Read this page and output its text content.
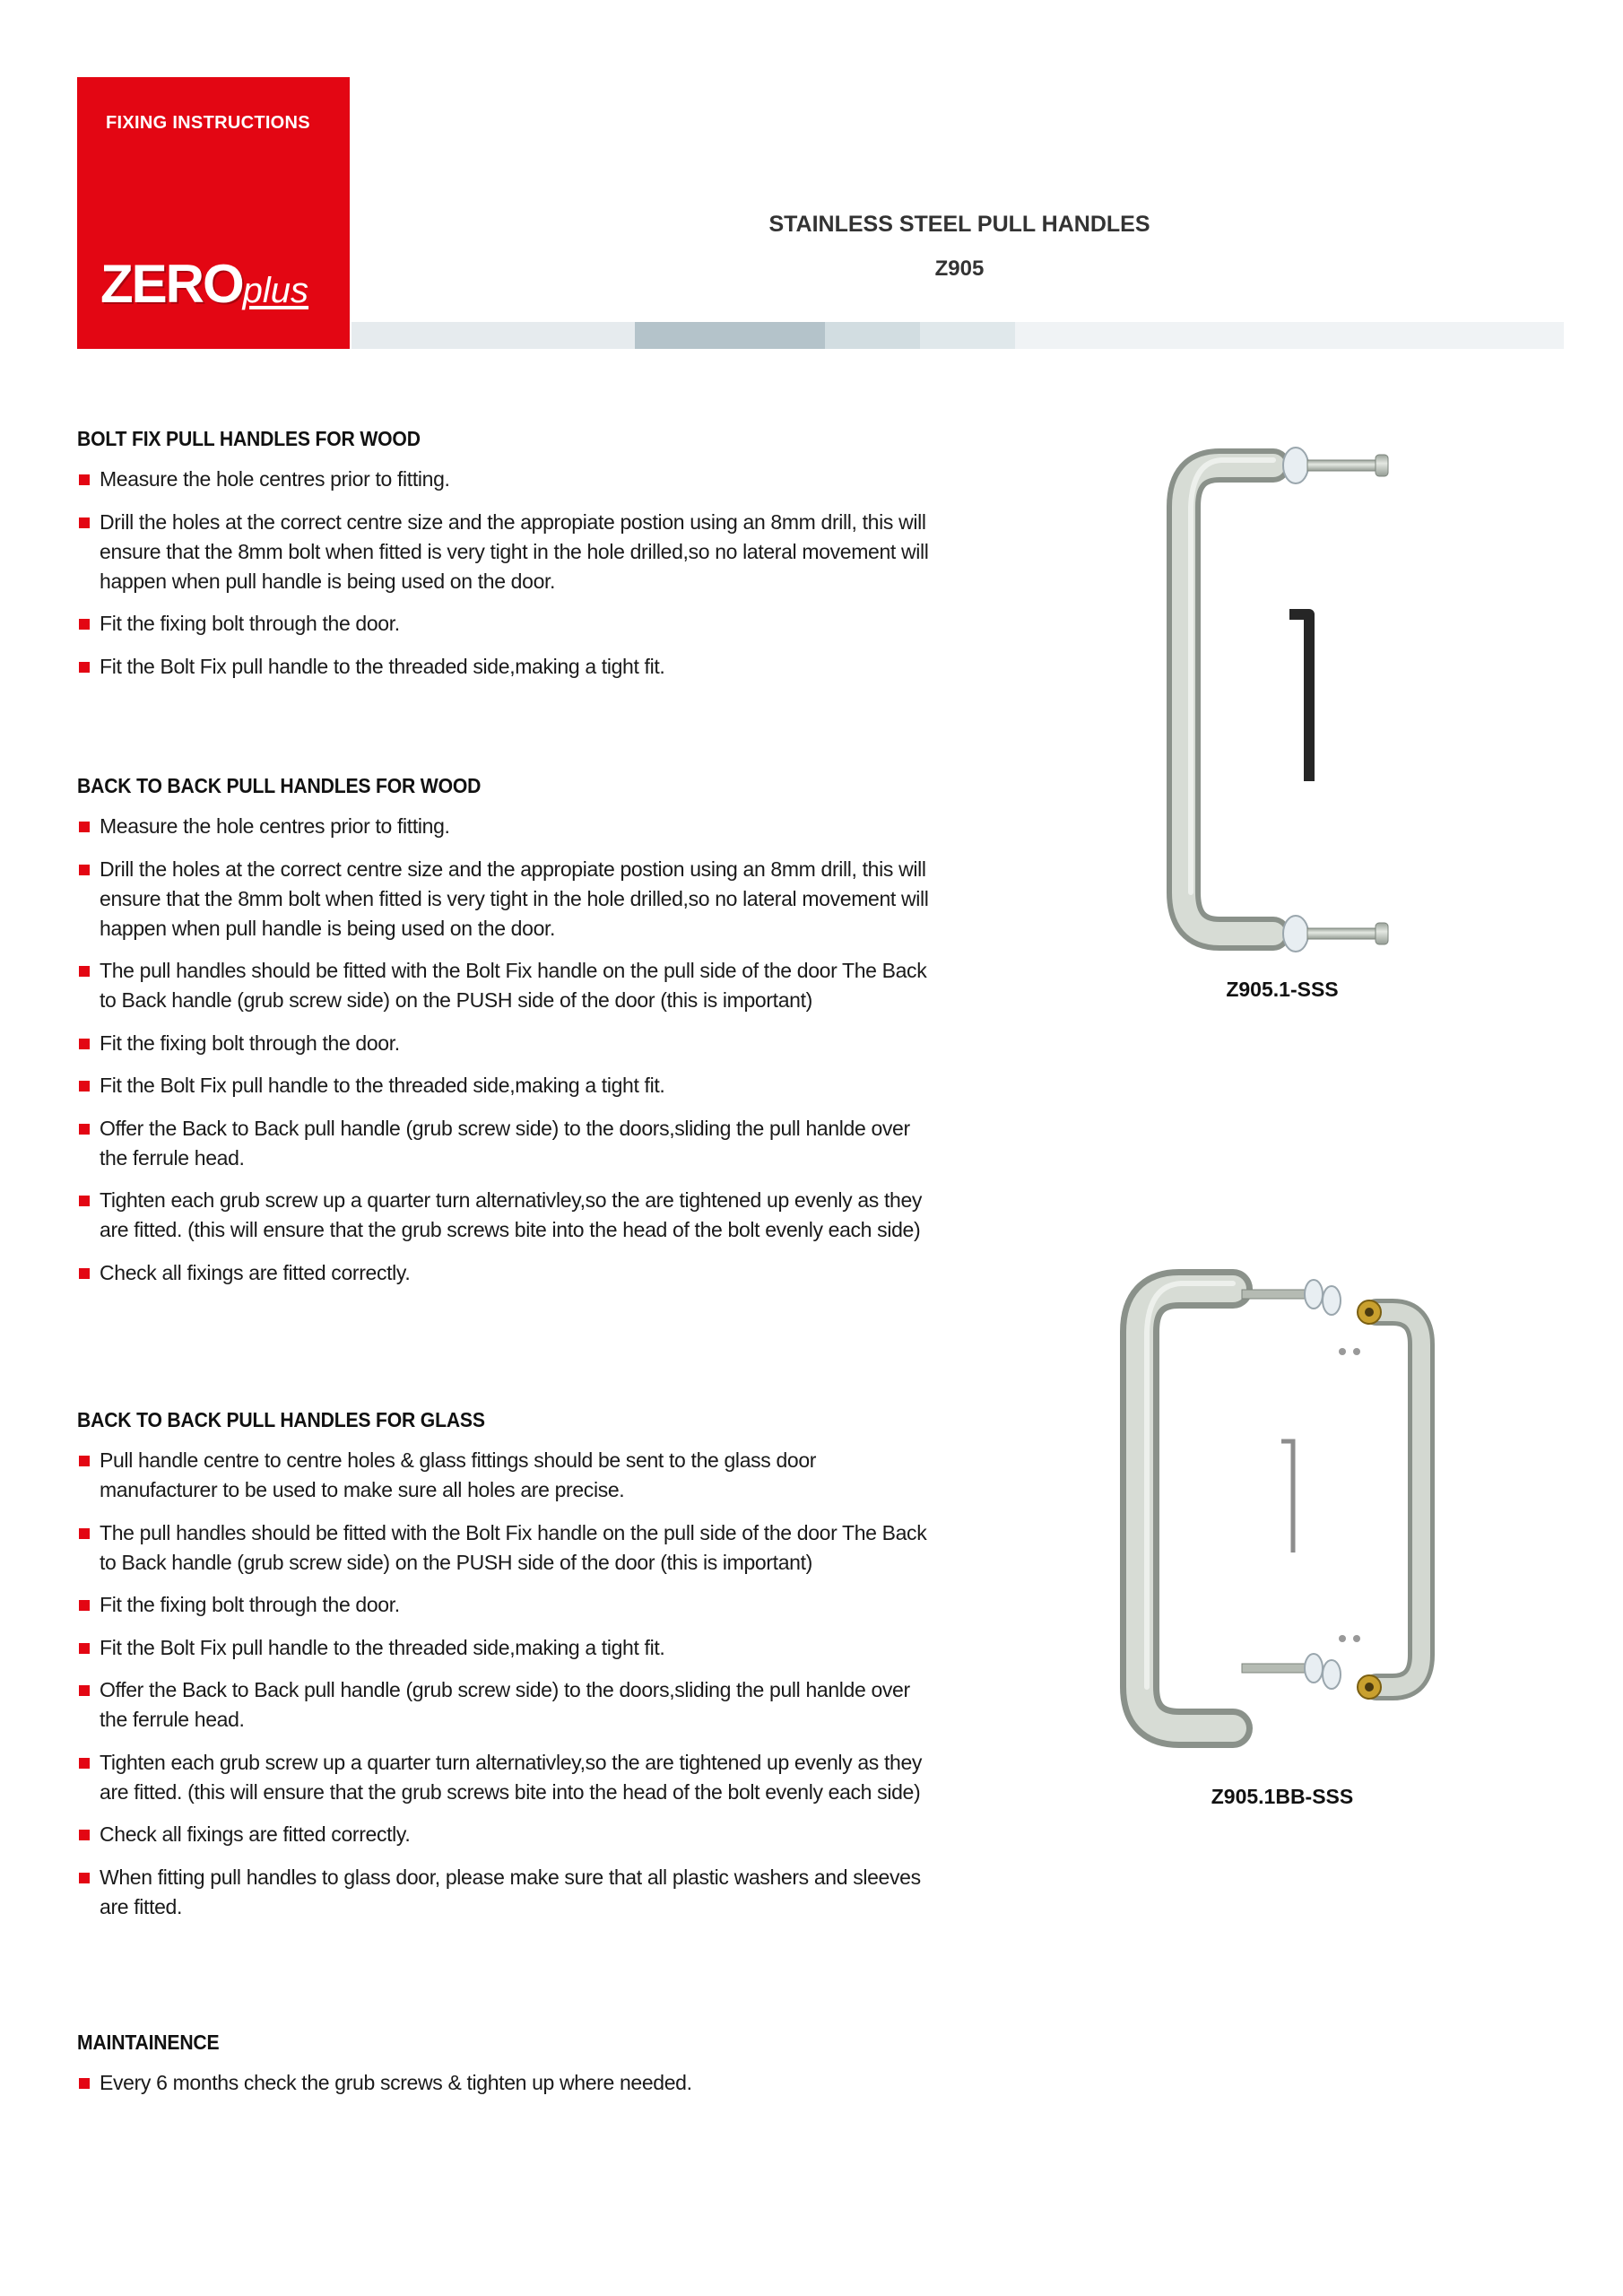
FIXING INSTRUCTIONS
ZEROplus
STAINLESS STEEL PULL HANDLES
Z905
BOLT FIX PULL HANDLES FOR WOOD
Measure the hole centres prior to fitting.
Drill the holes at the correct centre size and the appropiate postion using an 8mm drill, this will ensure that the 8mm bolt when fitted is very tight in the hole drilled,so no lateral movement will happen when pull handle is being used on the door.
Fit the fixing bolt through the door.
Fit the Bolt Fix pull handle to the threaded side,making a tight fit.
BACK TO BACK PULL HANDLES FOR WOOD
Measure the hole centres prior to fitting.
Drill the holes at the correct centre size and the appropiate postion using an 8mm drill, this will ensure that the 8mm bolt when fitted is very tight in the hole drilled,so no lateral movement will happen when pull handle is being used on the door.
The pull handles should be fitted with the Bolt Fix handle on the pull side of the door The Back to Back handle (grub screw side) on the PUSH side of the door (this is important)
Fit the fixing bolt through the door.
Fit the Bolt Fix pull handle to the threaded side,making a tight fit.
Offer the Back to Back pull handle (grub screw side) to the doors,sliding the pull hanlde over the ferrule head.
Tighten each grub screw up a quarter turn alternativley,so the are tightened up evenly as they are fitted. (this will ensure that the grub screws bite into the head of the bolt evenly each side)
Check all fixings are fitted correctly.
BACK TO BACK PULL HANDLES FOR GLASS
Pull handle centre to centre holes & glass fittings should be sent to the glass door manufacturer to be used to make sure all holes are precise.
The pull handles should be fitted with the Bolt Fix handle on the pull side of the door The Back to Back handle (grub screw side) on the PUSH side of the door (this is important)
Fit the fixing bolt through the door.
Fit the Bolt Fix pull handle to the threaded side,making a tight fit.
Offer the Back to Back pull handle (grub screw side) to the doors,sliding the pull hanlde over the ferrule head.
Tighten each grub screw up a quarter turn alternativley,so the are tightened up evenly as they are fitted. (this will ensure that the grub screws bite into the head of the bolt evenly each side)
Check all fixings are fitted correctly.
When fitting pull handles to glass door, please make sure that all plastic washers and sleeves are fitted.
MAINTAINENCE
Every 6 months check the grub screws & tighten up where needed.
Z905.1-SSS
Z905.1BB-SSS
